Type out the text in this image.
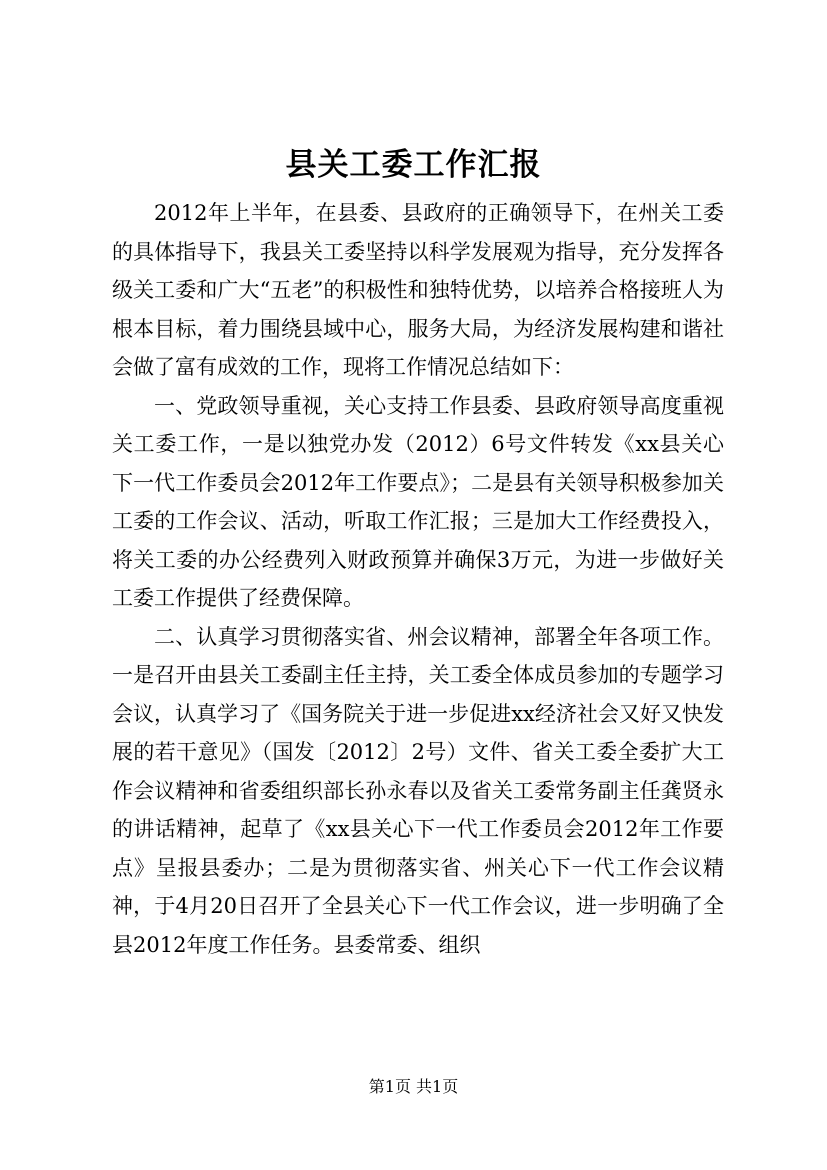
县关工委工作汇报

2012年上半年，在县委、县政府的正确领导下，在州关工委的具体指导下，我县关工委坚持以科学发展观为指导，充分发挥各级关工委和广大“五老”的积极性和独特优势，以培养合格接班人为根本目标，着力围绕县域中心，服务大局，为经济发展构建和谐社会做了富有成效的工作，现将工作情况总结如下：

一、党政领导重视，关心支持工作县委、县政府领导高度重视关工委工作，一是以独党办发（2012）6号文件转发《xx县关心下一代工作委员会2012年工作要点》；二是县有关领导积极参加关工委的工作会议、活动，听取工作汇报；三是加大工作经费投入，将关工委的办公经费列入财政预算并确保3万元，为进一步做好关工委工作提供了经费保障。

二、认真学习贯彻落实省、州会议精神，部署全年各项工作。一是召开由县关工委副主任主持，关工委全体成员参加的专题学习会议，认真学习了《国务院关于进一步促进xx经济社会又好又快发展的若干意见》（国发〔2012〕2号）文件、省关工委全委扩大工作会议精神和省委组织部长孙永春以及省关工委常务副主任龚贤永的讲话精神，起草了《xx县关心下一代工作委员会2012年工作要点》呈报县委办；二是为贯彻落实省、州关心下一代工作会议精神，于4月20日召开了全县关心下一代工作会议，进一步明确了全县2012年度工作任务。县委常委、组织

第1页 共1页
